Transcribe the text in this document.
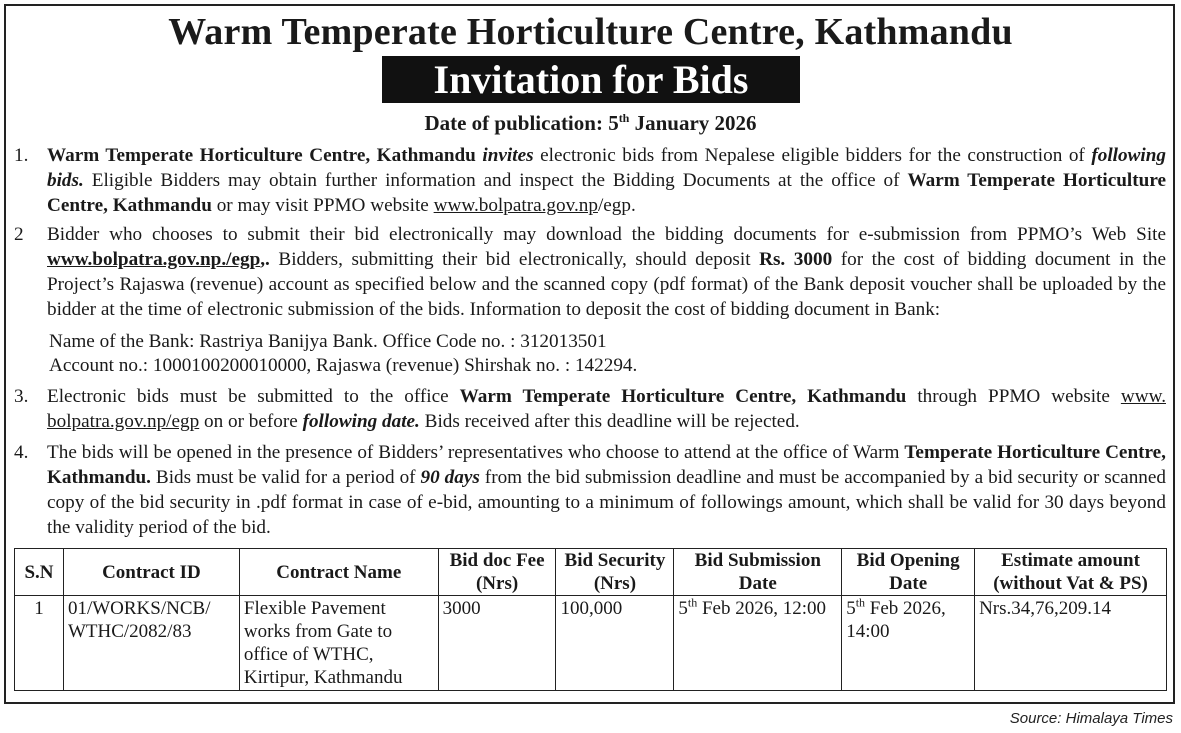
Warm Temperate Horticulture Centre, Kathmandu
Invitation for Bids
Date of publication: 5th January 2026
1. Warm Temperate Horticulture Centre, Kathmandu invites electronic bids from Nepalese eligible bidders for the construction of following bids. Eligible Bidders may obtain further information and inspect the Bidding Documents at the office of Warm Temperate Horticulture Centre, Kathmandu or may visit PPMO website www.bolpatra.gov.np/egp.
2 Bidder who chooses to submit their bid electronically may download the bidding documents for e-submission from PPMO’s Web Site www.bolpatra.gov.np./egp,. Bidders, submitting their bid electronically, should deposit Rs. 3000 for the cost of bidding document in the Project’s Rajaswa (revenue) account as specified below and the scanned copy (pdf format) of the Bank deposit voucher shall be uploaded by the bidder at the time of electronic submission of the bids. Information to deposit the cost of bidding document in Bank:
Name of the Bank: Rastriya Banijya Bank. Office Code no. : 312013501
Account no.: 1000100200010000, Rajaswa (revenue) Shirshak no. : 142294.
3. Electronic bids must be submitted to the office Warm Temperate Horticulture Centre, Kathmandu through PPMO website www. bolpatra.gov.np/egp on or before following date. Bids received after this deadline will be rejected.
4. The bids will be opened in the presence of Bidders’ representatives who choose to attend at the office of Warm Temperate Horticulture Centre, Kathmandu. Bids must be valid for a period of 90 days from the bid submission deadline and must be accompanied by a bid security or scanned copy of the bid security in .pdf format in case of e-bid, amounting to a minimum of followings amount, which shall be valid for 30 days beyond the validity period of the bid.
S.N	Contract ID	Contract Name	Bid doc Fee (Nrs)	Bid Security (Nrs)	Bid Submission Date	Bid Opening Date	Estimate amount (without Vat & PS)
1	01/WORKS/NCB/ WTHC/2082/83	Flexible Pavement works from Gate to office of WTHC, Kirtipur, Kathmandu	3000	100,000	5th Feb 2026, 12:00	5th Feb 2026, 14:00	Nrs.34,76,209.14
Source: Himalaya Times
